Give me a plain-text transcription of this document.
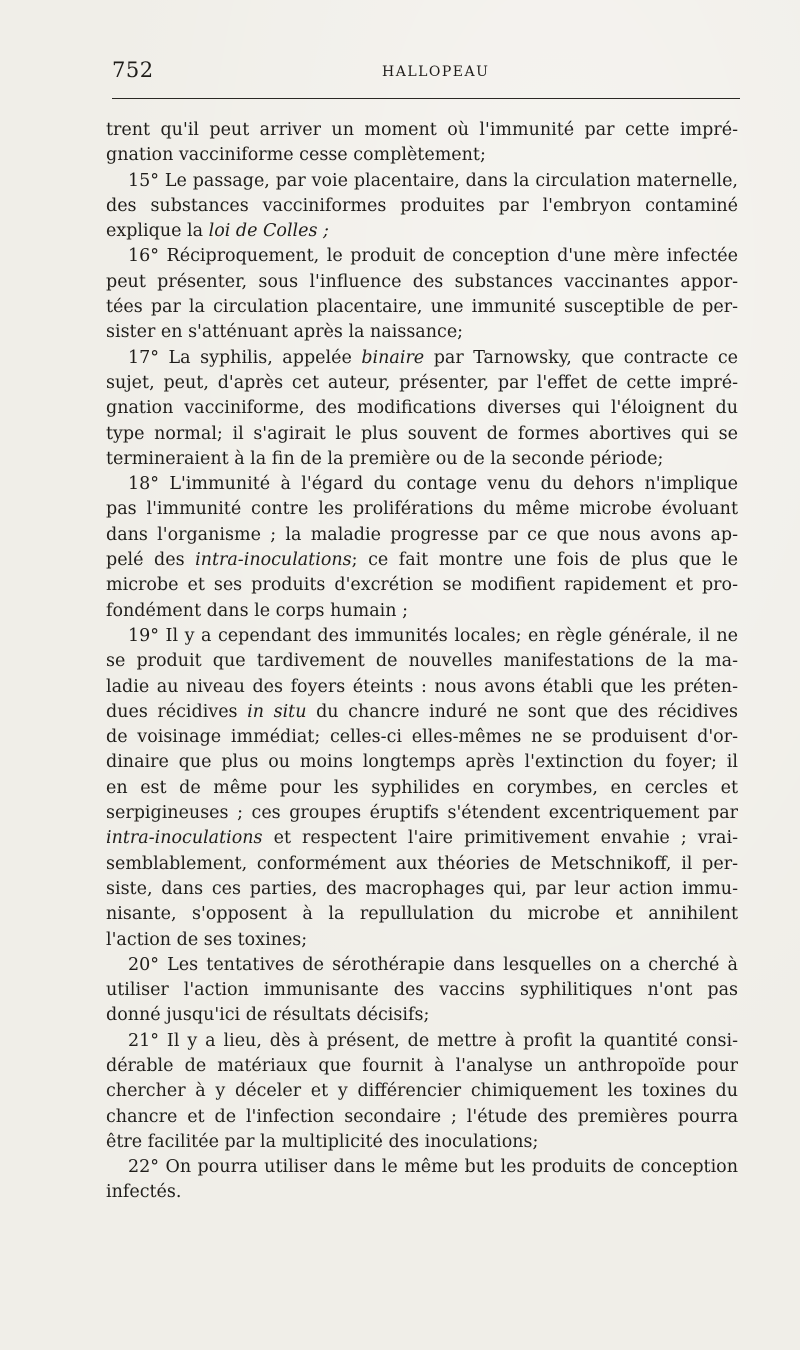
752	HALLOPEAU
trent qu'il peut arriver un moment où l'immunité par cette impré-
gnation vacciniforme cesse complètement;
15° Le passage, par voie placentaire, dans la circulation maternelle,
des substances vacciniformes produites par l'embryon contaminé
explique la loi de Colles ;
16° Réciproquement, le produit de conception d'une mère infectée
peut présenter, sous l'influence des substances vaccinantes appor-
tées par la circulation placentaire, une immunité susceptible de per-
sister en s'atténuant après la naissance;
17° La syphilis, appelée binaire par Tarnowsky, que contracte ce
sujet, peut, d'après cet auteur, présenter, par l'effet de cette impré-
gnation vacciniforme, des modifications diverses qui l'éloignent du
type normal; il s'agirait le plus souvent de formes abortives qui se
termineraient à la fin de la première ou de la seconde période;
18° L'immunité à l'égard du contage venu du dehors n'implique
pas l'immunité contre les proliférations du même microbe évoluant
dans l'organisme ; la maladie progresse par ce que nous avons ap-
pelé des intra-inoculations; ce fait montre une fois de plus que le
microbe et ses produits d'excrétion se modifient rapidement et pro-
fondément dans le corps humain ;
19° Il y a cependant des immunités locales; en règle générale, il ne
se produit que tardivement de nouvelles manifestations de la ma-
ladie au niveau des foyers éteints : nous avons établi que les préten-
dues récidives in situ du chancre induré ne sont que des récidives
de voisinage immédiat; celles-ci elles-mêmes ne se produisent d'or-
dinaire que plus ou moins longtemps après l'extinction du foyer; il
en est de même pour les syphilides en corymbes, en cercles et
serpigineuses ; ces groupes éruptifs s'étendent excentriquement par
intra-inoculations et respectent l'aire primitivement envahie ; vrai-
semblablement, conformément aux théories de Metschnikoff, il per-
siste, dans ces parties, des macrophages qui, par leur action immu-
nisante, s'opposent à la repullulation du microbe et annihilent
l'action de ses toxines;
20° Les tentatives de sérothérapie dans lesquelles on a cherché à
utiliser l'action immunisante des vaccins syphilitiques n'ont pas
donné jusqu'ici de résultats décisifs;
21° Il y a lieu, dès à présent, de mettre à profit la quantité consi-
dérable de matériaux que fournit à l'analyse un anthropoïde pour
chercher à y déceler et y différencier chimiquement les toxines du
chancre et de l'infection secondaire ; l'étude des premières pourra
être facilitée par la multiplicité des inoculations;
22° On pourra utiliser dans le même but les produits de conception
infectés.
